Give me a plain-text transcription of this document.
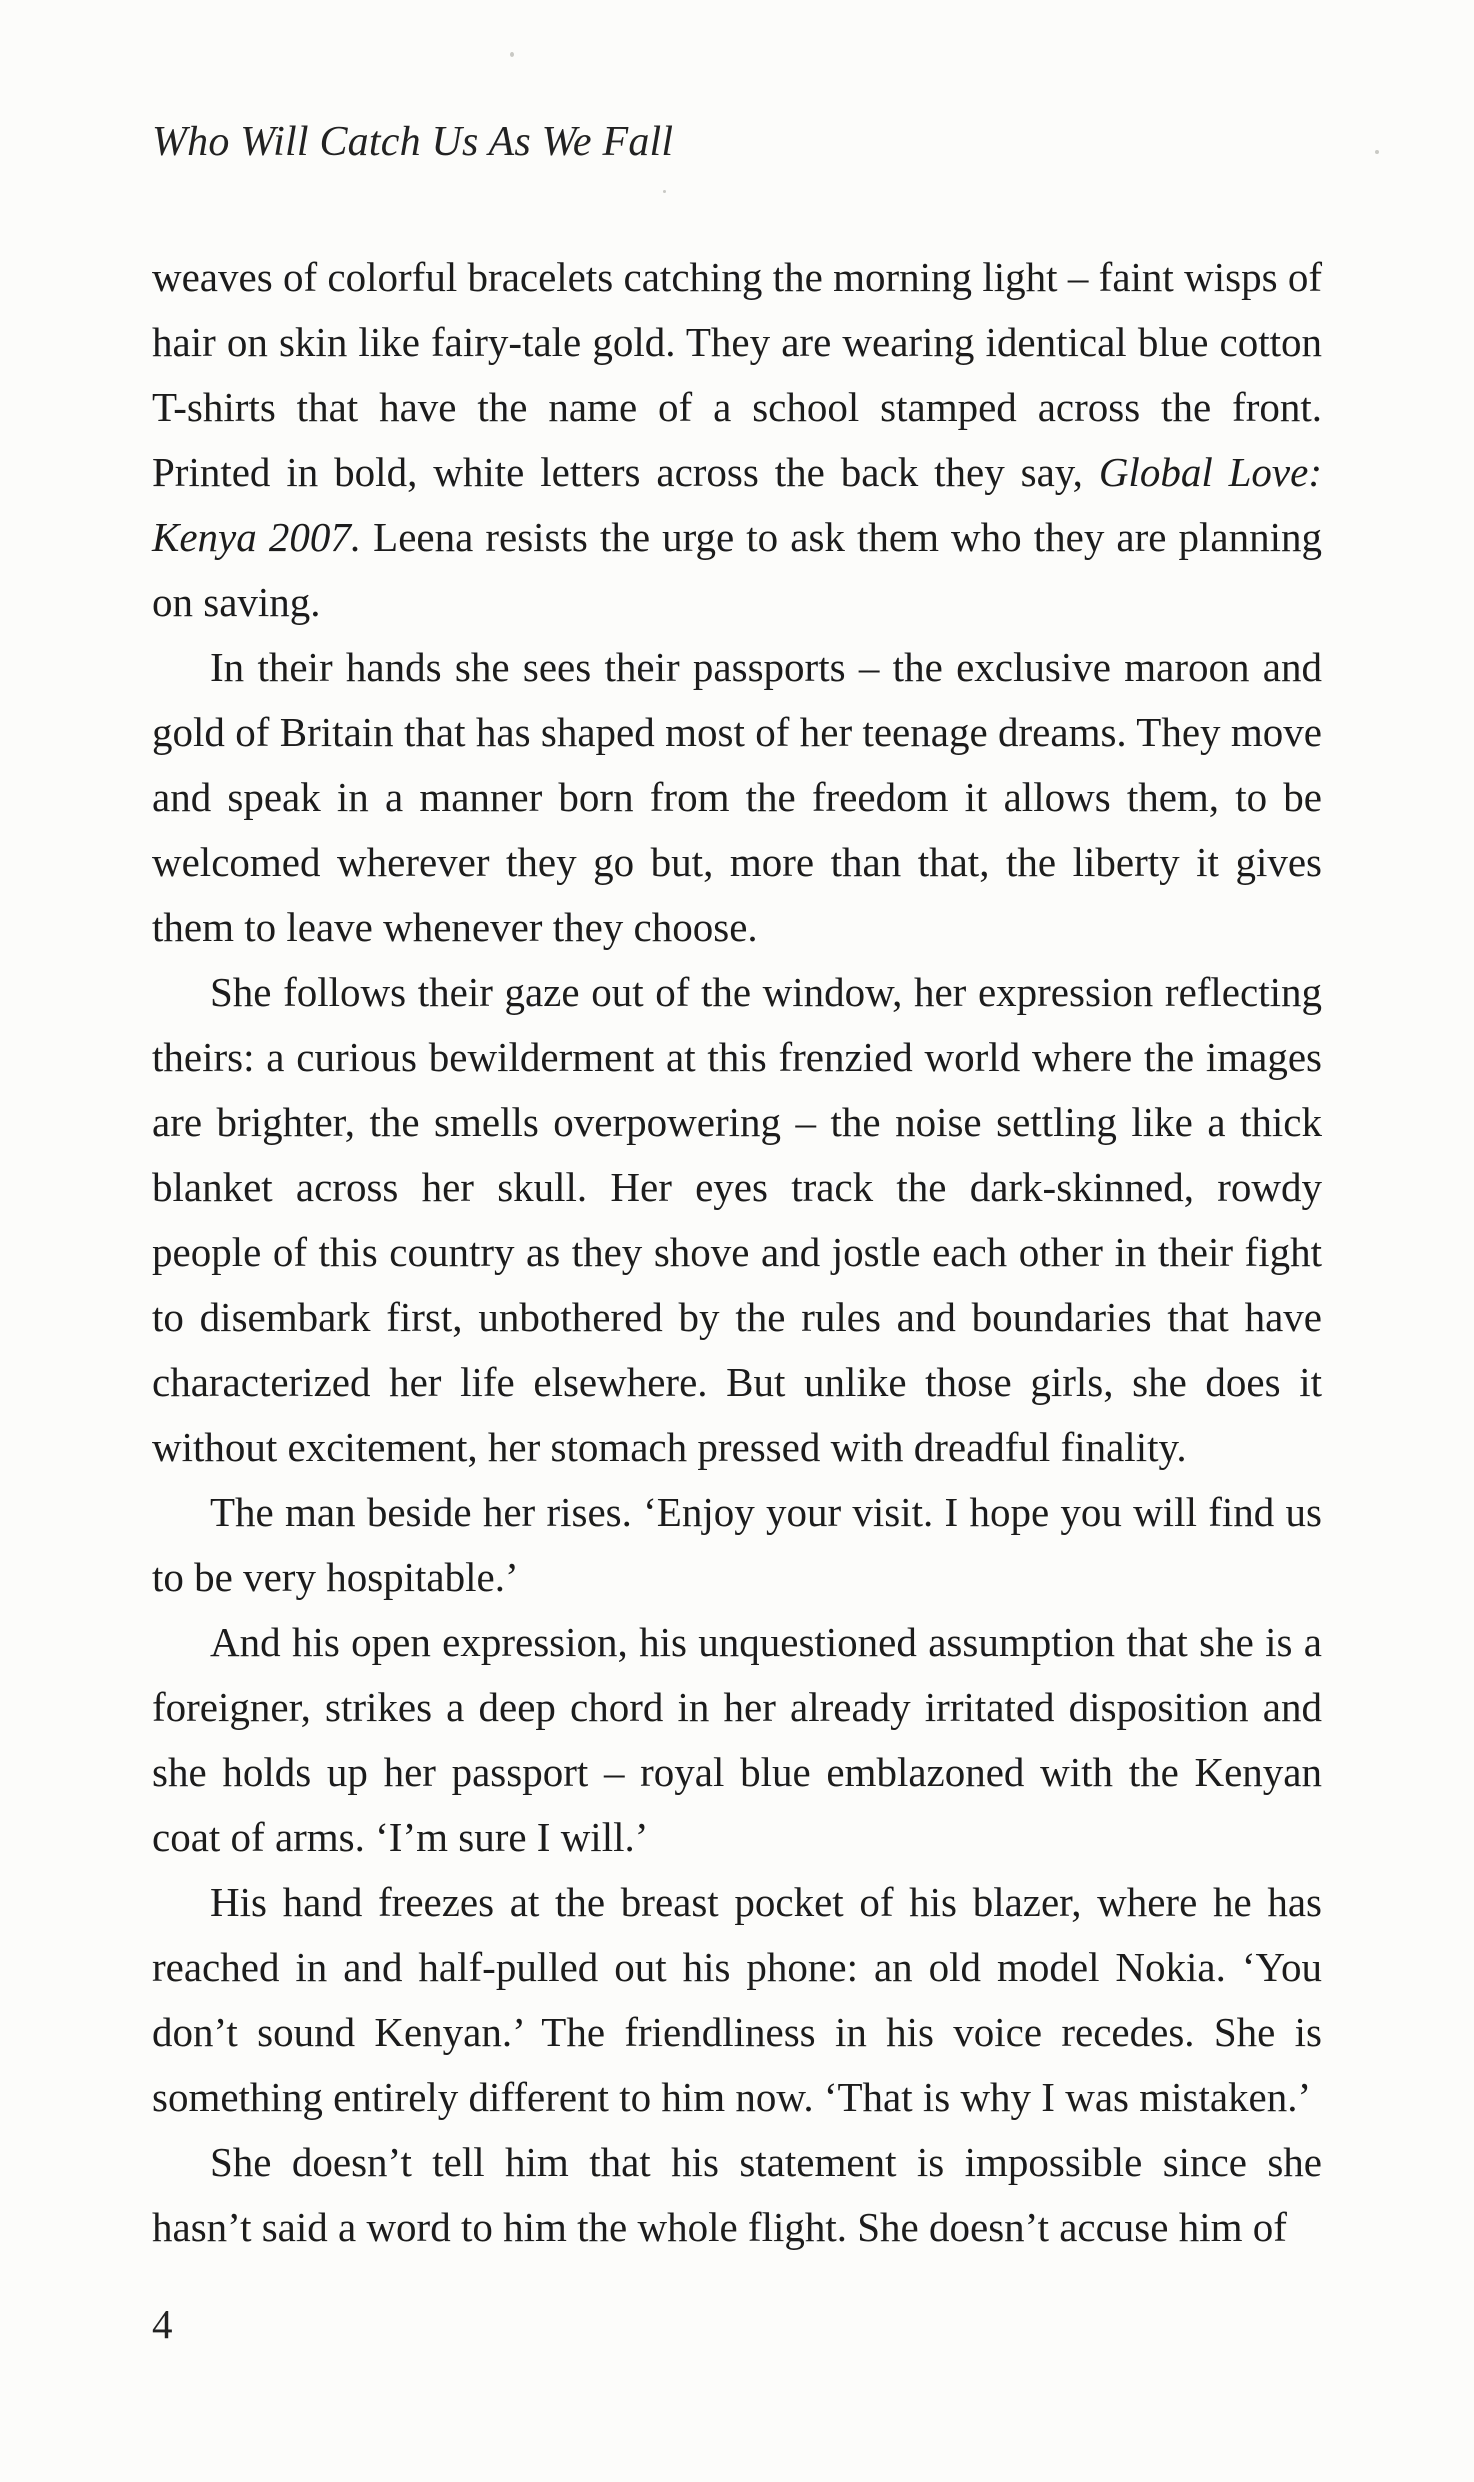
Who Will Catch Us As We Fall

weaves of colorful bracelets catching the morning light – faint wisps of hair on skin like fairy-tale gold. They are wearing identical blue cotton T-shirts that have the name of a school stamped across the front. Printed in bold, white letters across the back they say, Global Love: Kenya 2007. Leena resists the urge to ask them who they are planning on saving.

In their hands she sees their passports – the exclusive maroon and gold of Britain that has shaped most of her teenage dreams. They move and speak in a manner born from the freedom it allows them, to be welcomed wherever they go but, more than that, the liberty it gives them to leave whenever they choose.

She follows their gaze out of the window, her expression reflecting theirs: a curious bewilderment at this frenzied world where the images are brighter, the smells overpowering – the noise settling like a thick blanket across her skull. Her eyes track the dark-skinned, rowdy people of this country as they shove and jostle each other in their fight to disembark first, unbothered by the rules and boundaries that have characterized her life elsewhere. But unlike those girls, she does it without excitement, her stomach pressed with dreadful finality.

The man beside her rises. ‘Enjoy your visit. I hope you will find us to be very hospitable.’

And his open expression, his unquestioned assumption that she is a foreigner, strikes a deep chord in her already irritated disposition and she holds up her passport – royal blue emblazoned with the Kenyan coat of arms. ‘I’m sure I will.’

His hand freezes at the breast pocket of his blazer, where he has reached in and half-pulled out his phone: an old model Nokia. ‘You don’t sound Kenyan.’ The friendliness in his voice recedes. She is something entirely different to him now. ‘That is why I was mistaken.’

She doesn’t tell him that his statement is impossible since she hasn’t said a word to him the whole flight. She doesn’t accuse him of

4
